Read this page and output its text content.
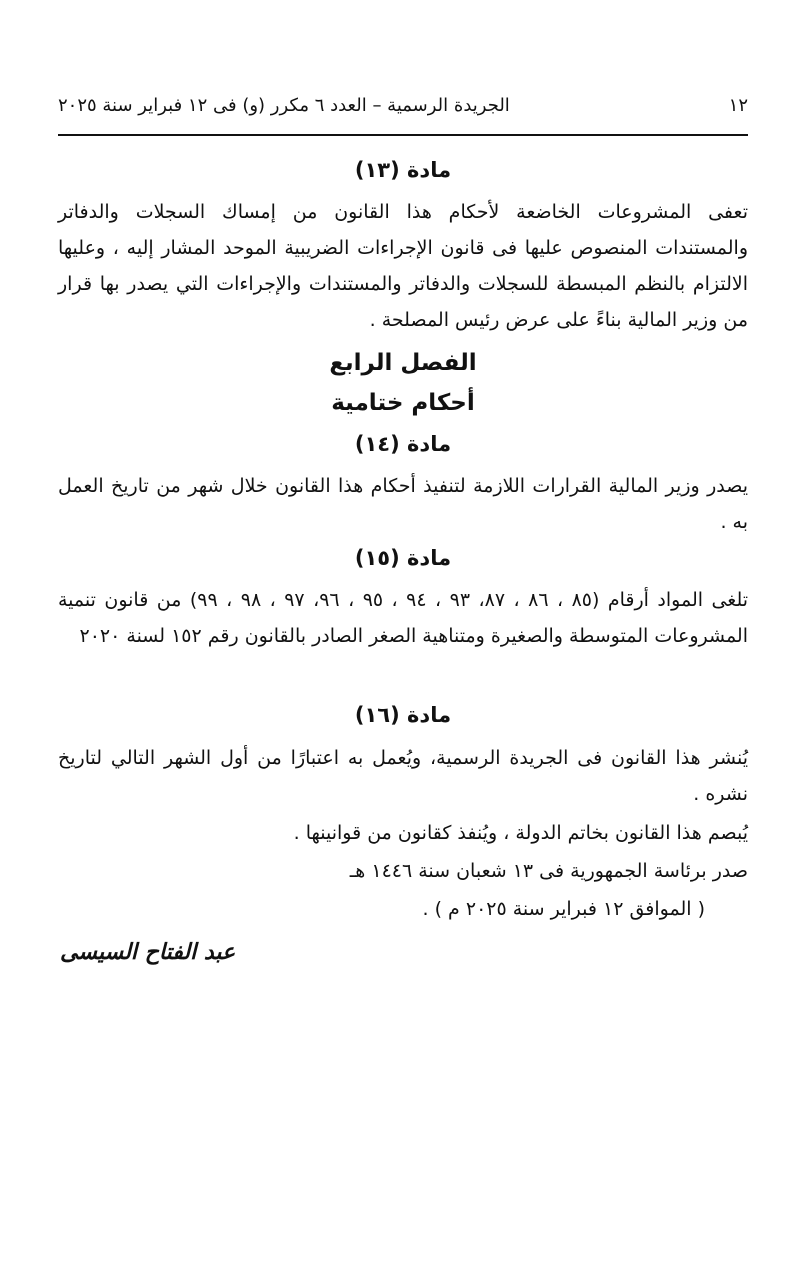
١٢
الجريدة الرسمية – العدد ٦ مكرر (و) فى ١٢ فبراير سنة ٢٠٢٥
مادة (١٣)
تعفى المشروعات الخاضعة لأحكام هذا القانون من إمساك السجلات والدفاتر والمستندات المنصوص عليها فى قانون الإجراءات الضريبية الموحد المشار إليه ، وعليها الالتزام بالنظم المبسطة للسجلات والدفاتر والمستندات والإجراءات التي يصدر بها قرار من وزير المالية بناءً على عرض رئيس المصلحة .
الفصل الرابع
أحكام ختامية
مادة (١٤)
يصدر وزير المالية القرارات اللازمة لتنفيذ أحكام هذا القانون خلال شهر من تاريخ العمل به .
مادة (١٥)
تلغى المواد أرقام (٨٥ ، ٨٦ ، ٨٧، ٩٣ ، ٩٤ ، ٩٥ ، ٩٦، ٩٧ ، ٩٨ ، ٩٩) من قانون تنمية المشروعات المتوسطة والصغيرة ومتناهية الصغر الصادر بالقانون رقم ١٥٢ لسنة ٢٠٢٠
مادة (١٦)
يُنشر هذا القانون فى الجريدة الرسمية، ويُعمل به اعتبارًا من أول الشهر التالي لتاريخ نشره .
يُبصم هذا القانون بخاتم الدولة ، ويُنفذ كقانون من قوانينها .
صدر برئاسة الجمهورية فى ١٣ شعبان سنة ١٤٤٦ هـ
( الموافق ١٢ فبراير سنة ٢٠٢٥ م ) .
عبد الفتاح السيسى
